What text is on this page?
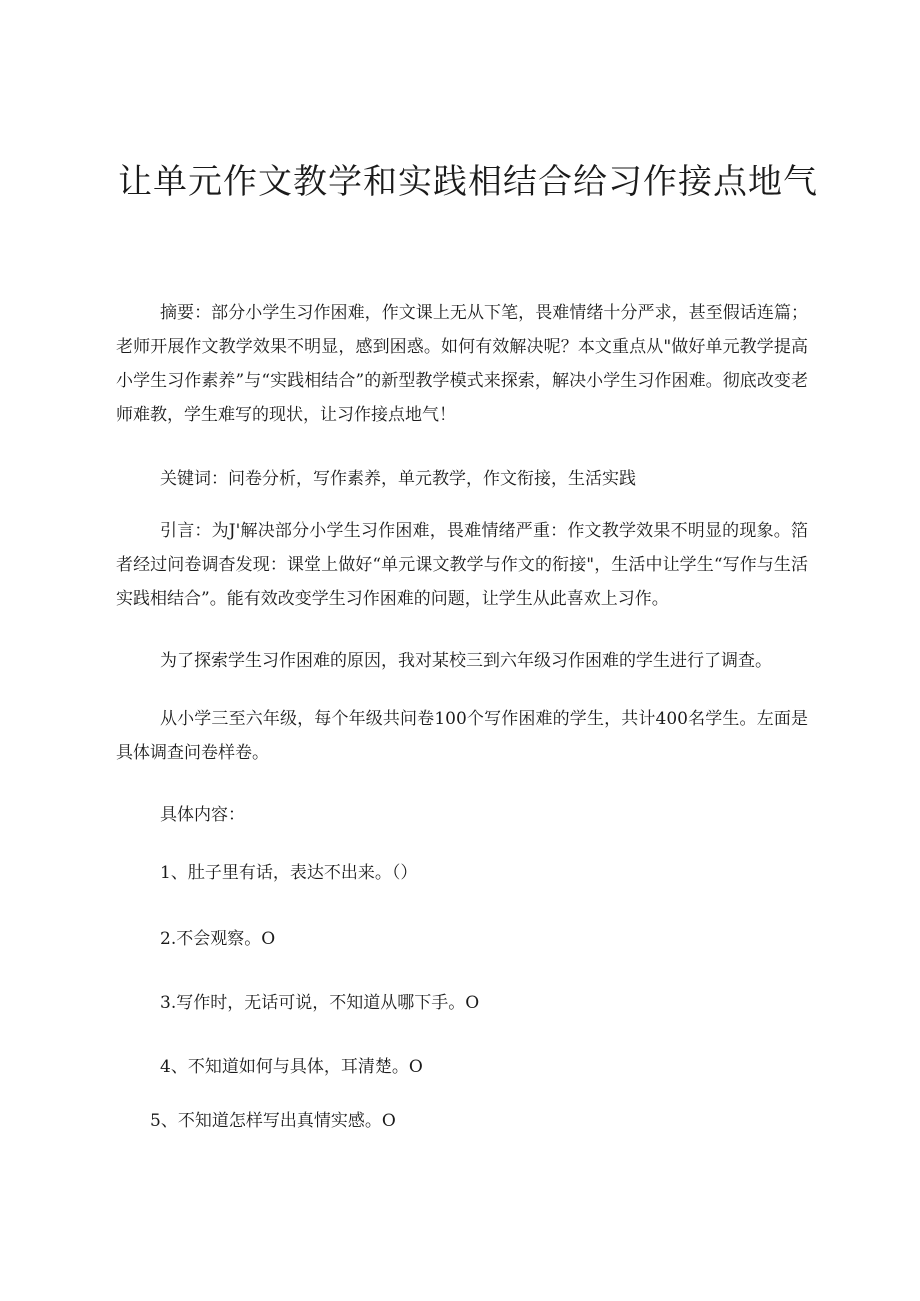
让单元作文教学和实践相结合给习作接点地气

摘要：部分小学生习作困难，作文课上无从下笔，畏难情绪十分严求，甚至假话连篇；老师开展作文教学效果不明显，感到困惑。如何有效解决呢？本文重点从"做好单元教学提高小学生习作素养”与“实践相结合”的新型教学模式来探索，解决小学生习作困难。彻底改变老师难教，学生难写的现状，让习作接点地气！

关键词：问卷分析，写作素养，单元教学，作文衔接，生活实践

引言：为J'解决部分小学生习作困难，畏难情绪严重：作文教学效果不明显的现象。箔者经过问卷调杳发现：课堂上做好“单元课文教学与作文的衔接"，生活中让学生“写作与生活实践相结合”。能有效改变学生习作困难的问题，让学生从此喜欢上习作。

为了探索学生习作困难的原因，我对某校三到六年级习作困难的学生进行了调查。

从小学三至六年级，每个年级共问卷100个写作困难的学生，共计400名学生。左面是具体调查问卷样卷。

具体内容：

1、肚子里有话，表达不出来。（）

2.不会观察。O

3.写作时，无话可说，不知道从哪下手。O

4、不知道如何与具体，耳清楚。O

5、不知道怎样写出真情实感。O
